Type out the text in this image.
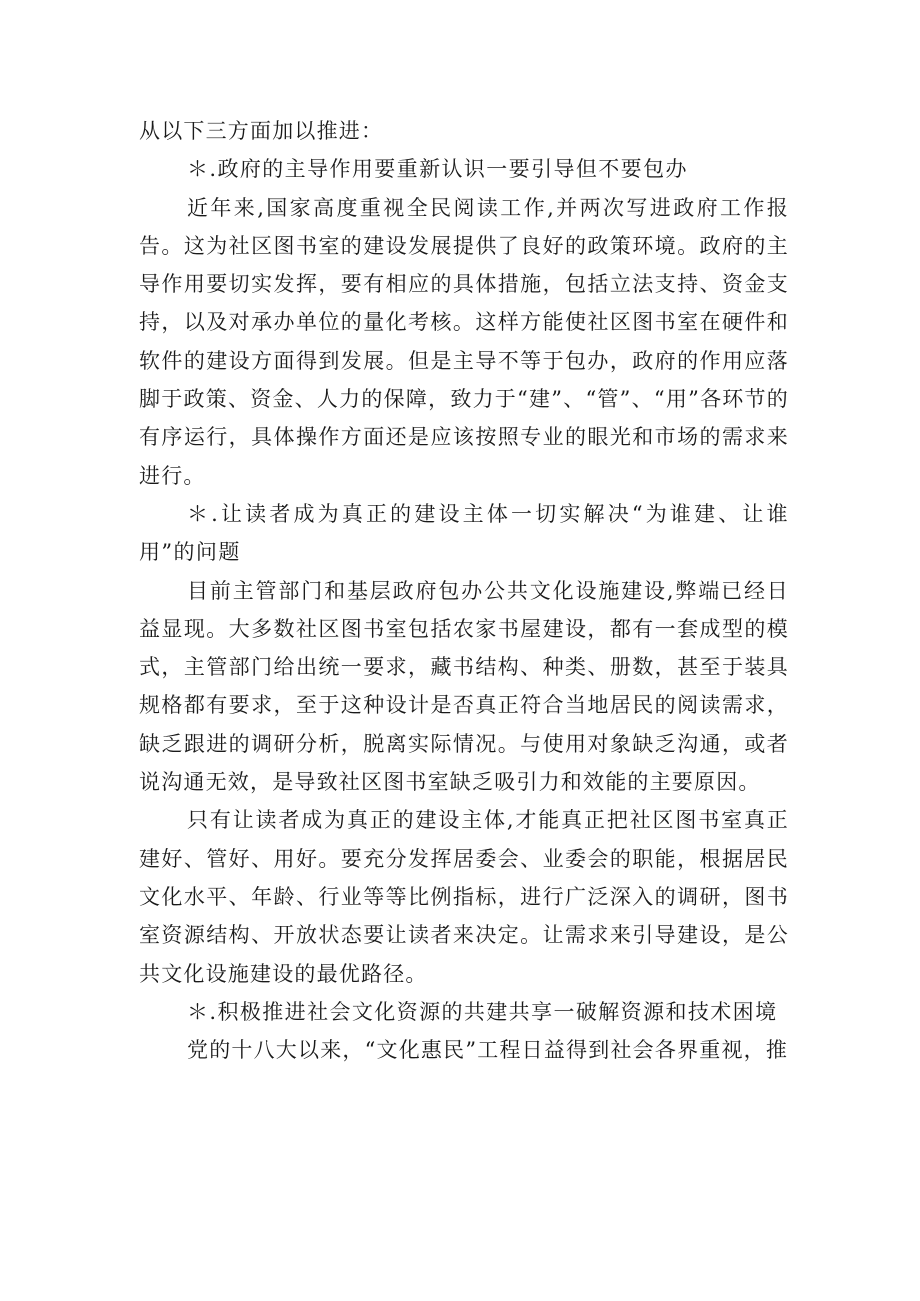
从以下三方面加以推进：

＊.政府的主导作用要重新认识一要引导但不要包办

近年来,国家高度重视全民阅读工作,并两次写进政府工作报告。这为社区图书室的建设发展提供了良好的政策环境。政府的主导作用要切实发挥，要有相应的具体措施，包括立法支持、资金支持，以及对承办单位的量化考核。这样方能使社区图书室在硬件和软件的建设方面得到发展。但是主导不等于包办，政府的作用应落脚于政策、资金、人力的保障，致力于“建”、“管”、“用”各环节的有序运行，具体操作方面还是应该按照专业的眼光和市场的需求来进行。

＊.让读者成为真正的建设主体一切实解决“为谁建、让谁用”的问题

目前主管部门和基层政府包办公共文化设施建设,弊端已经日益显现。大多数社区图书室包括农家书屋建设，都有一套成型的模式，主管部门给出统一要求，藏书结构、种类、册数，甚至于装具规格都有要求，至于这种设计是否真正符合当地居民的阅读需求，缺乏跟进的调研分析，脱离实际情况。与使用对象缺乏沟通，或者说沟通无效，是导致社区图书室缺乏吸引力和效能的主要原因。

只有让读者成为真正的建设主体,才能真正把社区图书室真正建好、管好、用好。要充分发挥居委会、业委会的职能，根据居民文化水平、年龄、行业等等比例指标，进行广泛深入的调研，图书室资源结构、开放状态要让读者来决定。让需求来引导建设，是公共文化设施建设的最优路径。

＊.积极推进社会文化资源的共建共享一破解资源和技术困境

党的十八大以来，“文化惠民”工程日益得到社会各界重视，推
